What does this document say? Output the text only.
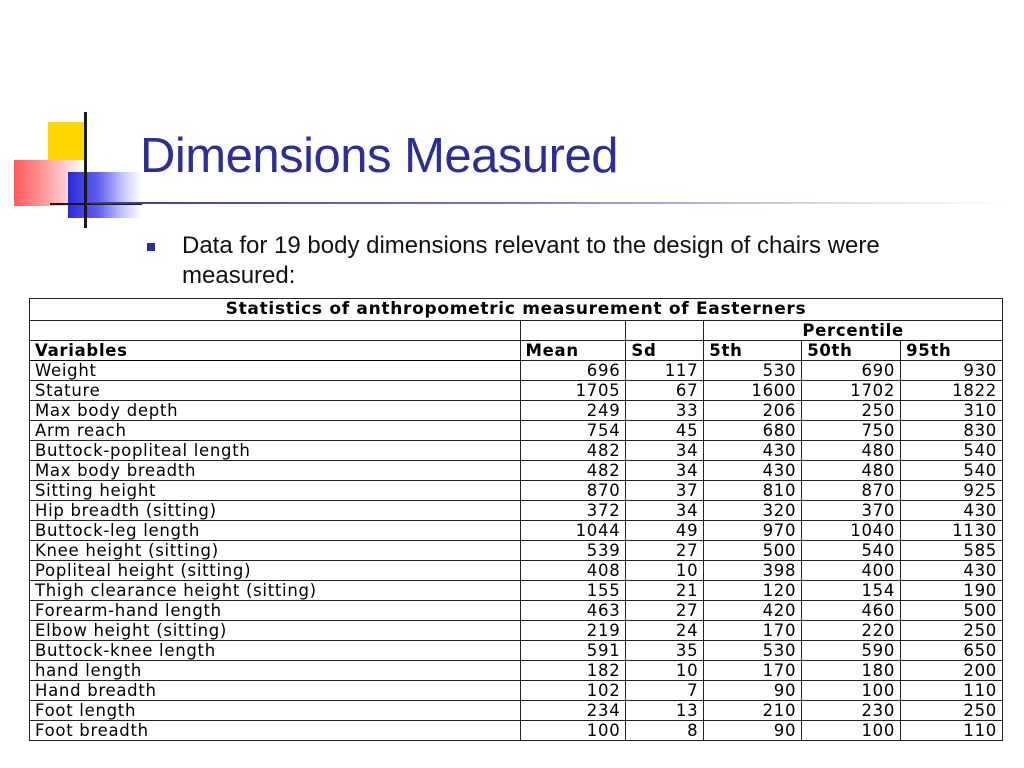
Dimensions Measured
Data for 19 body dimensions relevant to the design of chairs were measured:
Statistics of anthropometric measurement of Easterners					
			Percentile		
Variables	Mean	Sd	5th	50th	95th
Weight	696	117	530	690	930
Stature	1705	67	1600	1702	1822
Max body depth	249	33	206	250	310
Arm reach	754	45	680	750	830
Buttock-popliteal length	482	34	430	480	540
Max body breadth	482	34	430	480	540
Sitting height	870	37	810	870	925
Hip breadth (sitting)	372	34	320	370	430
Buttock-leg length	1044	49	970	1040	1130
Knee height (sitting)	539	27	500	540	585
Popliteal height (sitting)	408	10	398	400	430
Thigh clearance height (sitting)	155	21	120	154	190
Forearm-hand length	463	27	420	460	500
Elbow height (sitting)	219	24	170	220	250
Buttock-knee length	591	35	530	590	650
hand length	182	10	170	180	200
Hand breadth	102	7	90	100	110
Foot length	234	13	210	230	250
Foot breadth	100	8	90	100	110
